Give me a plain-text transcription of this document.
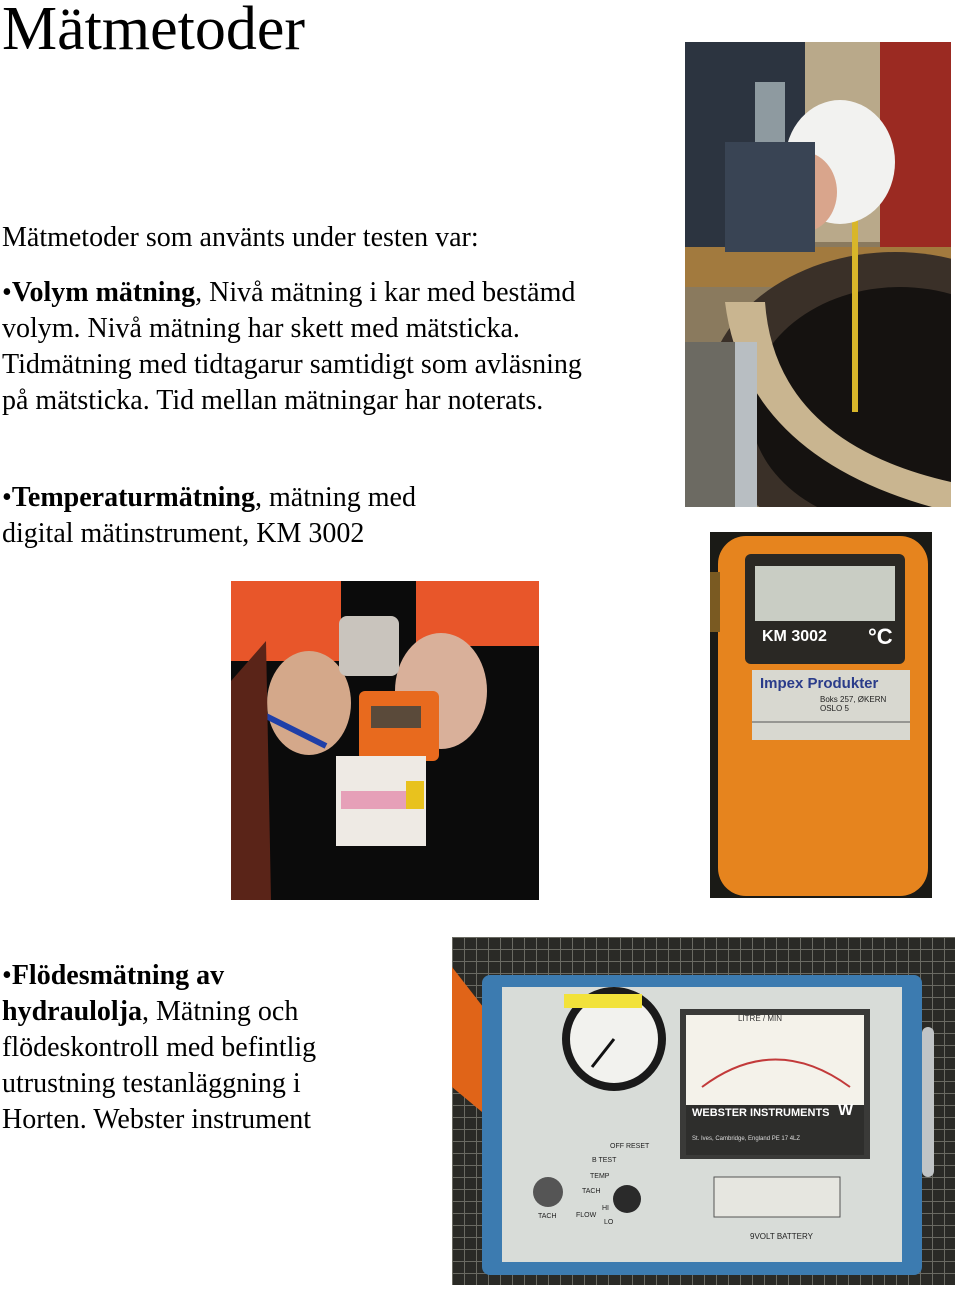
Mätmetoder
Mätmetoder som använts under testen var:
•Volym mätning, Nivå mätning i kar med bestämd
volym. Nivå mätning har skett med mätsticka.
Tidmätning med tidtagarur samtidigt som avläsning
på mätsticka. Tid mellan mätningar har noterats.
•Temperaturmätning, mätning med
digital mätinstrument, KM 3002
•Flödesmätning av
hydraulolja, Mätning och
flödeskontroll med befintlig
utrustning testanläggning i
Horten. Webster instrument
KM 3002 °C
Impex Produkter
Boks 257, ØKERN
OSLO 5
LITRE / MIN
WEBSTER INSTRUMENTS W
St. Ives, Cambridge, England PE 17 4LZ
OFF RESET
B TEST
TEMP
TACH
FLOW
HI
LO
TACH
9VOLT BATTERY
